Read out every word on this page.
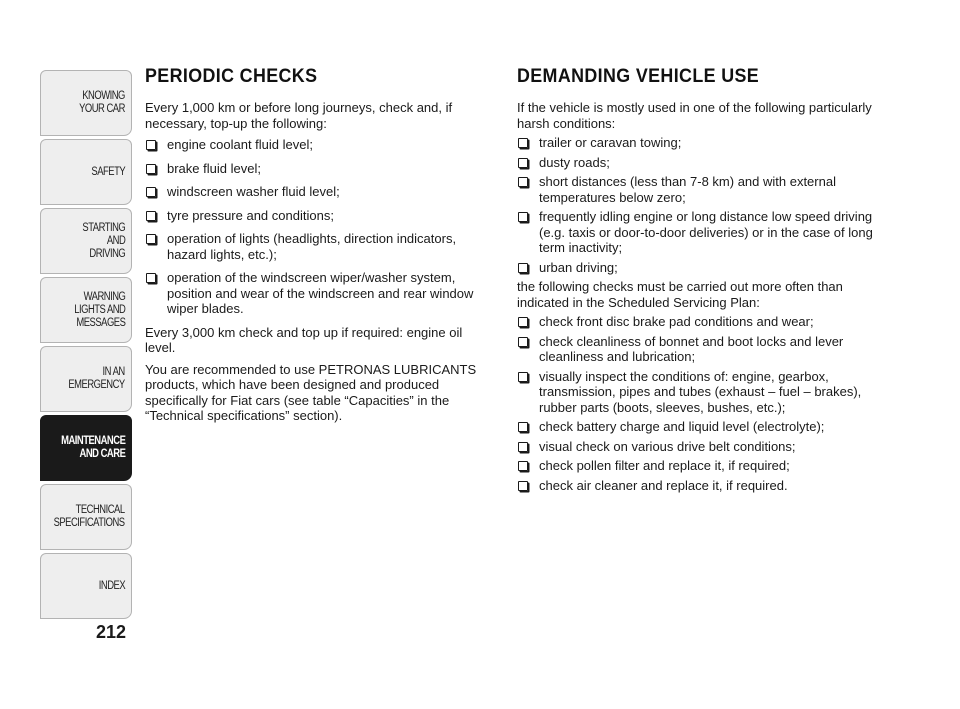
KNOWING
YOUR CAR
SAFETY
STARTING
AND
DRIVING
WARNING
LIGHTS AND
MESSAGES
IN AN
EMERGENCY
MAINTENANCE
AND CARE
TECHNICAL
SPECIFICATIONS
INDEX
212
PERIODIC CHECKS

Every 1,000 km or before long journeys, check and, if necessary, top-up the following:

engine coolant fluid level;
brake fluid level;
windscreen washer fluid level;
tyre pressure and conditions;
operation of lights (headlights, direction indicators, hazard lights, etc.);
operation of the windscreen wiper/washer system, position and wear of the windscreen and rear window wiper blades.

Every 3,000 km check and top up if required: engine oil level.

You are recommended to use PETRONAS LUBRICANTS products, which have been designed and produced specifically for Fiat cars (see table “Capacities” in the “Technical specifications” section).

DEMANDING VEHICLE USE

If the vehicle is mostly used in one of the following particularly harsh conditions:

trailer or caravan towing;
dusty roads;
short distances (less than 7-8 km) and with external temperatures below zero;
frequently idling engine or long distance low speed driving (e.g. taxis or door-to-door deliveries) or in the case of long term inactivity;
urban driving;

the following checks must be carried out more often than indicated in the Scheduled Servicing Plan:

check front disc brake pad conditions and wear;
check cleanliness of bonnet and boot locks and lever cleanliness and lubrication;
visually inspect the conditions of: engine, gearbox, transmission, pipes and tubes (exhaust – fuel – brakes), rubber parts (boots, sleeves, bushes, etc.);
check battery charge and liquid level (electrolyte);
visual check on various drive belt conditions;
check pollen filter and replace it, if required;
check air cleaner and replace it, if required.
